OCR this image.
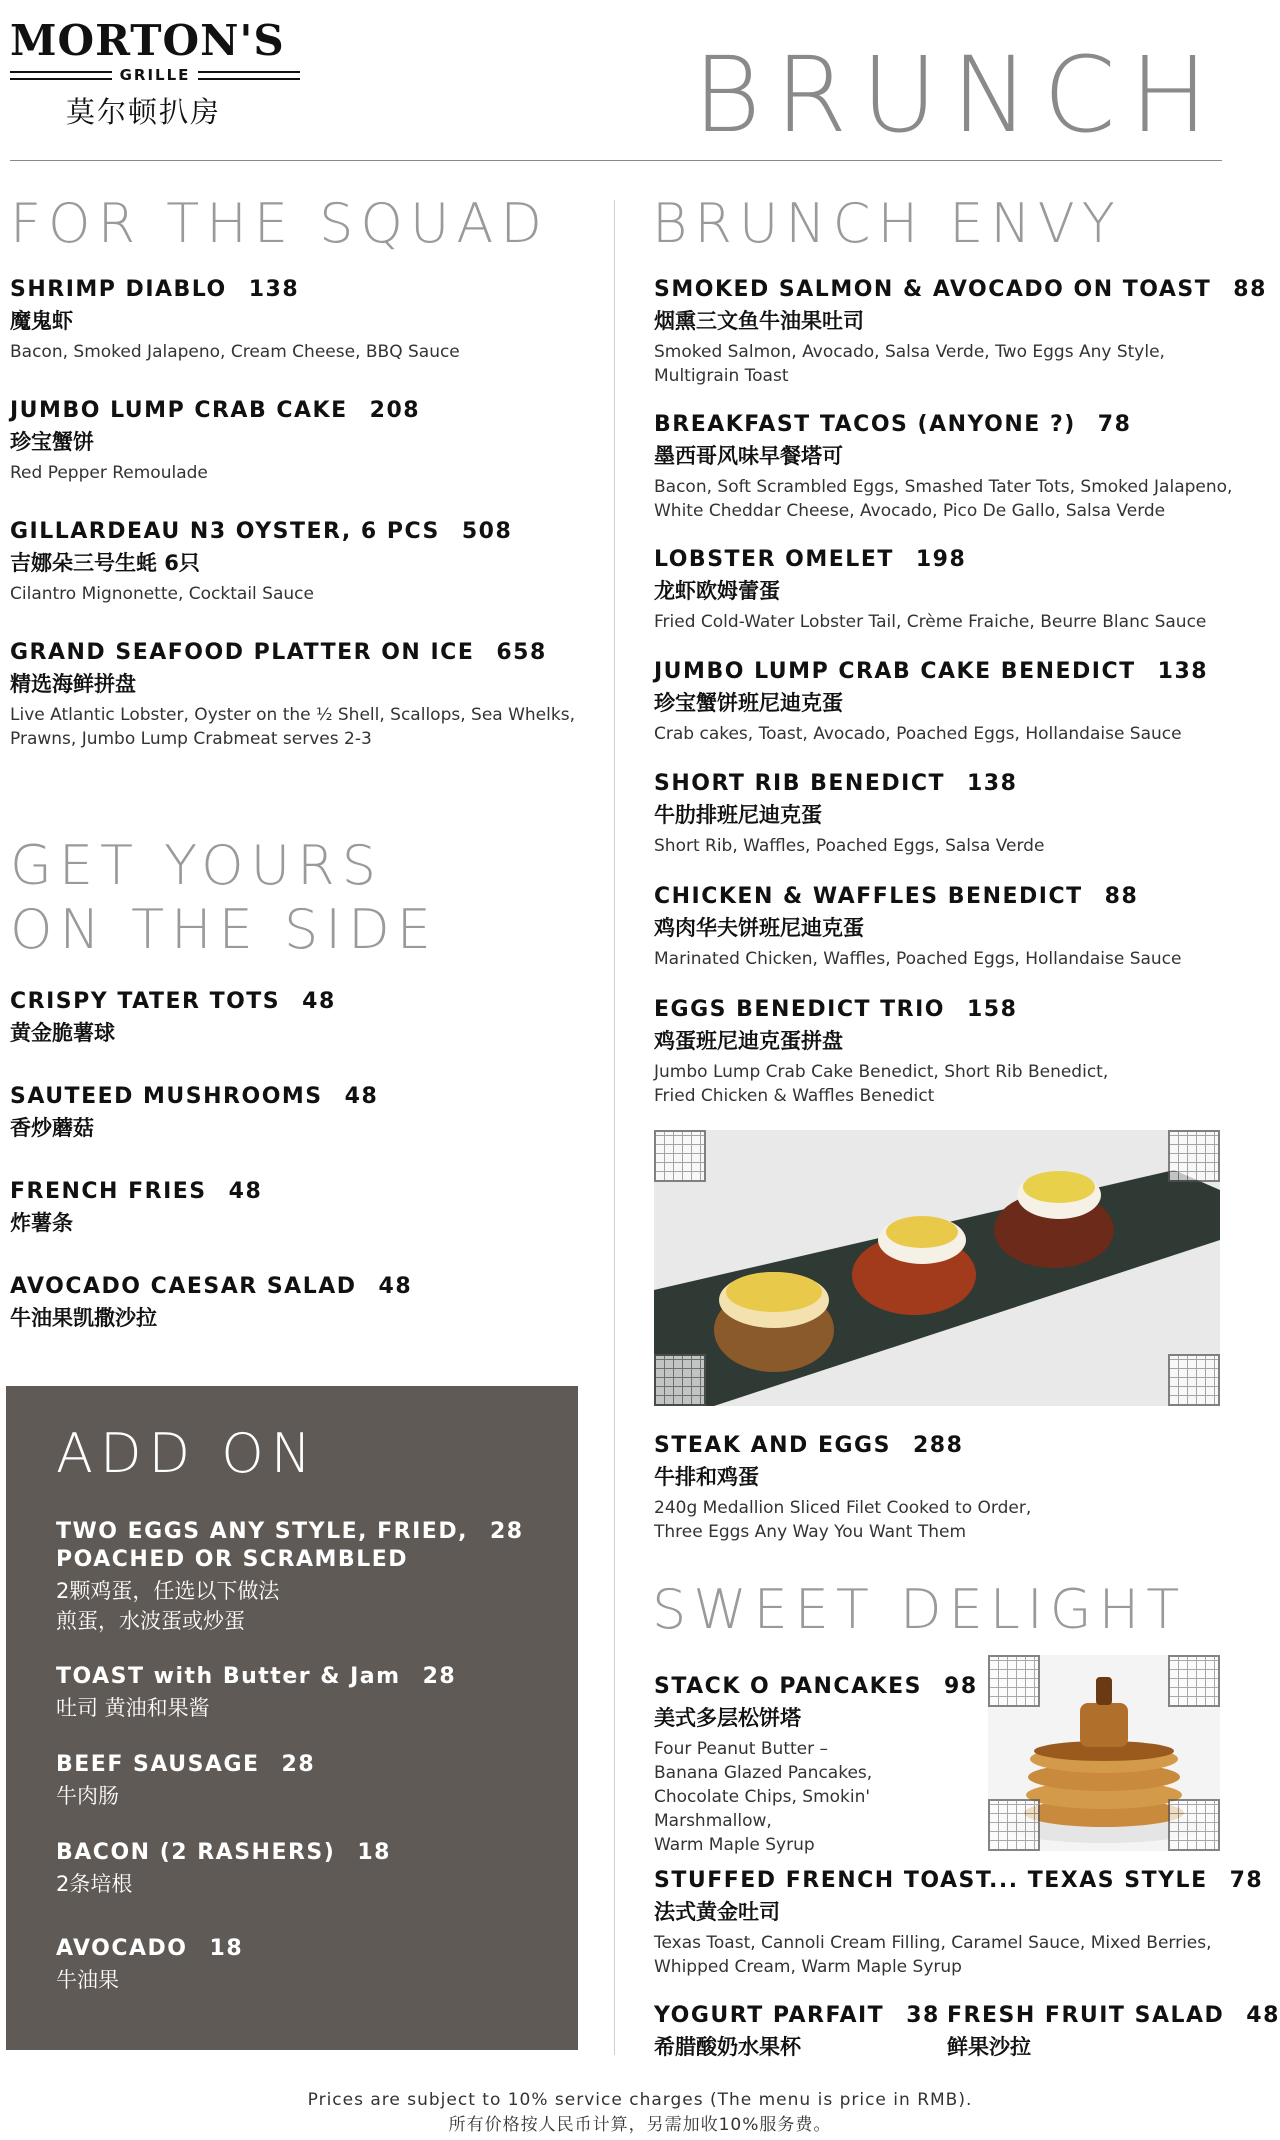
MORTON'S
GRILLE
莫尔顿扒房	BRUNCH
FOR THE SQUAD
SHRIMP DIABLO 138
魔鬼虾
Bacon, Smoked Jalapeno, Cream Cheese, BBQ Sauce
JUMBO LUMP CRAB CAKE 208
珍宝蟹饼
Red Pepper Remoulade
GILLARDEAU N3 OYSTER, 6 PCS 508
吉娜朵三号生蚝 6只
Cilantro Mignonette, Cocktail Sauce
GRAND SEAFOOD PLATTER ON ICE 658
精选海鲜拼盘
Live Atlantic Lobster, Oyster on the ½ Shell, Scallops, Sea Whelks, Prawns, Jumbo Lump Crabmeat serves 2-3
GET YOURS
ON THE SIDE
CRISPY TATER TOTS 48
黄金脆薯球
SAUTEED MUSHROOMS 48
香炒蘑菇
FRENCH FRIES 48
炸薯条
AVOCADO CAESAR SALAD 48
牛油果凯撒沙拉
ADD ON
TWO EGGS ANY STYLE, FRIED, 28
POACHED OR SCRAMBLED
2颗鸡蛋，任选以下做法
煎蛋，水波蛋或炒蛋
TOAST with Butter & Jam 28
吐司 黄油和果酱
BEEF SAUSAGE 28
牛肉肠
BACON (2 RASHERS) 18
2条培根
AVOCADO 18
牛油果
BRUNCH ENVY
SMOKED SALMON & AVOCADO ON TOAST 88
烟熏三文鱼牛油果吐司
Smoked Salmon, Avocado, Salsa Verde, Two Eggs Any Style,
Multigrain Toast
BREAKFAST TACOS (ANYONE ?) 78
墨西哥风味早餐塔可
Bacon, Soft Scrambled Eggs, Smashed Tater Tots, Smoked Jalapeno,
White Cheddar Cheese, Avocado, Pico De Gallo, Salsa Verde
LOBSTER OMELET 198
龙虾欧姆蕾蛋
Fried Cold-Water Lobster Tail, Crème Fraiche, Beurre Blanc Sauce
JUMBO LUMP CRAB CAKE BENEDICT 138
珍宝蟹饼班尼迪克蛋
Crab cakes, Toast, Avocado, Poached Eggs, Hollandaise Sauce
SHORT RIB BENEDICT 138
牛肋排班尼迪克蛋
Short Rib, Waffles, Poached Eggs, Salsa Verde
CHICKEN & WAFFLES BENEDICT 88
鸡肉华夫饼班尼迪克蛋
Marinated Chicken, Waffles, Poached Eggs, Hollandaise Sauce
EGGS BENEDICT TRIO 158
鸡蛋班尼迪克蛋拼盘
Jumbo Lump Crab Cake Benedict, Short Rib Benedict,
Fried Chicken & Waffles Benedict
STEAK AND EGGS 288
牛排和鸡蛋
240g Medallion Sliced Filet Cooked to Order,
Three Eggs Any Way You Want Them
SWEET DELIGHT
STACK O PANCAKES 98
美式多层松饼塔
Four Peanut Butter –
Banana Glazed Pancakes,
Chocolate Chips, Smokin' Marshmallow,
Warm Maple Syrup
STUFFED FRENCH TOAST... TEXAS STYLE 78
法式黄金吐司
Texas Toast, Cannoli Cream Filling, Caramel Sauce, Mixed Berries,
Whipped Cream, Warm Maple Syrup
YOGURT PARFAIT 38
希腊酸奶水果杯
FRESH FRUIT SALAD 48
鲜果沙拉
Prices are subject to 10% service charges (The menu is price in RMB).
所有价格按人民币计算，另需加收10%服务费。
